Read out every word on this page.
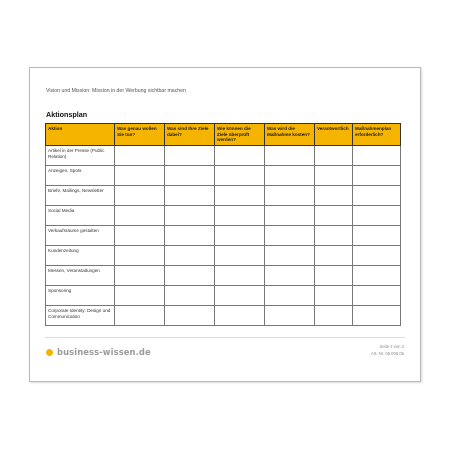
Vision und Mission: Mission in der Werbung sichtbar machen
Aktionsplan
Aktion	Was genau wollen Sie tun?	Was sind Ihre Ziele dabei?	Wie können die Ziele überprüft werden?	Was wird die Maßnahme kosten?	Verantwortlich	Maßnahmenplan erforderlich?
Artikel in der Presse (Public Relation)						
Anzeigen, Spots						
Briefe, Mailings, Newsletter						
Social Media						
Verkaufsräume gestalten						
Kundenzeitung						
Messen, Veranstaltungen						
Sponsoring						
Corporate Identity: Design und Communication						
business-wissen.de
Seite 2 von 3
Art.-Nr. 06.006.06
